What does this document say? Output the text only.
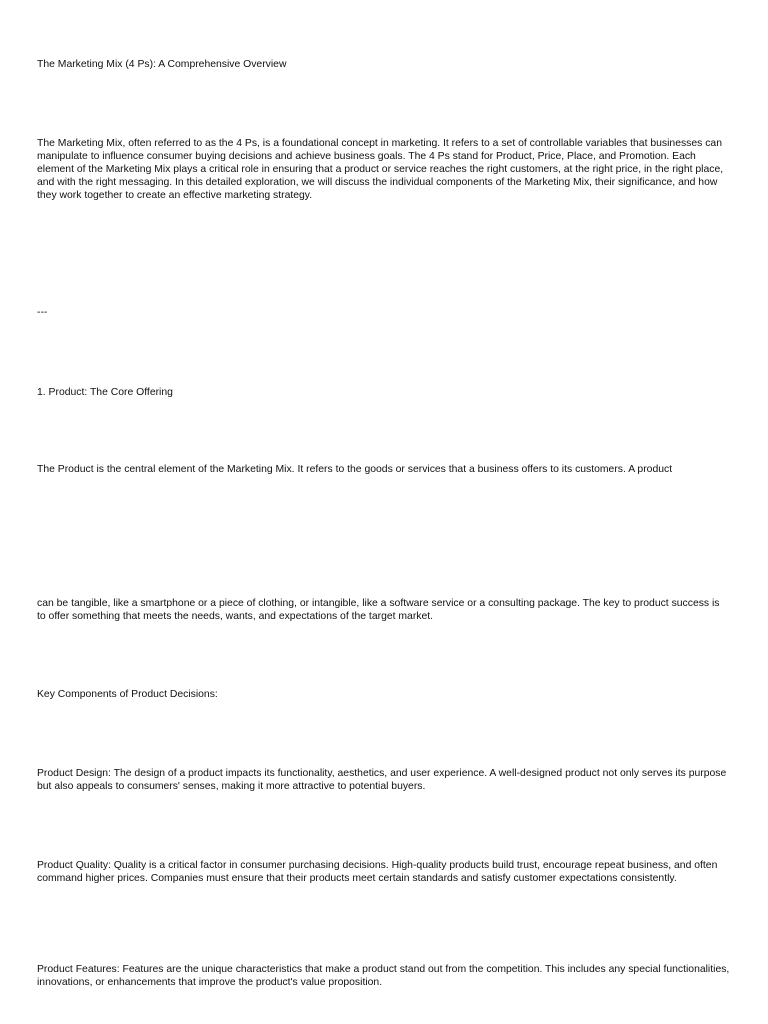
The Marketing Mix (4 Ps): A Comprehensive Overview

The Marketing Mix, often referred to as the 4 Ps, is a foundational concept in marketing. It refers to a set of controllable variables that businesses can manipulate to influence consumer buying decisions and achieve business goals. The 4 Ps stand for Product, Price, Place, and Promotion. Each element of the Marketing Mix plays a critical role in ensuring that a product or service reaches the right customers, at the right price, in the right place, and with the right messaging. In this detailed exploration, we will discuss the individual components of the Marketing Mix, their significance, and how they work together to create an effective marketing strategy.

---

1. Product: The Core Offering

The Product is the central element of the Marketing Mix. It refers to the goods or services that a business offers to its customers. A product

can be tangible, like a smartphone or a piece of clothing, or intangible, like a software service or a consulting package. The key to product success is to offer something that meets the needs, wants, and expectations of the target market.

Key Components of Product Decisions:

Product Design: The design of a product impacts its functionality, aesthetics, and user experience. A well-designed product not only serves its purpose but also appeals to consumers' senses, making it more attractive to potential buyers.

Product Quality: Quality is a critical factor in consumer purchasing decisions. High-quality products build trust, encourage repeat business, and often command higher prices. Companies must ensure that their products meet certain standards and satisfy customer expectations consistently.

Product Features: Features are the unique characteristics that make a product stand out from the competition. This includes any special functionalities, innovations, or enhancements that improve the product's value proposition.
